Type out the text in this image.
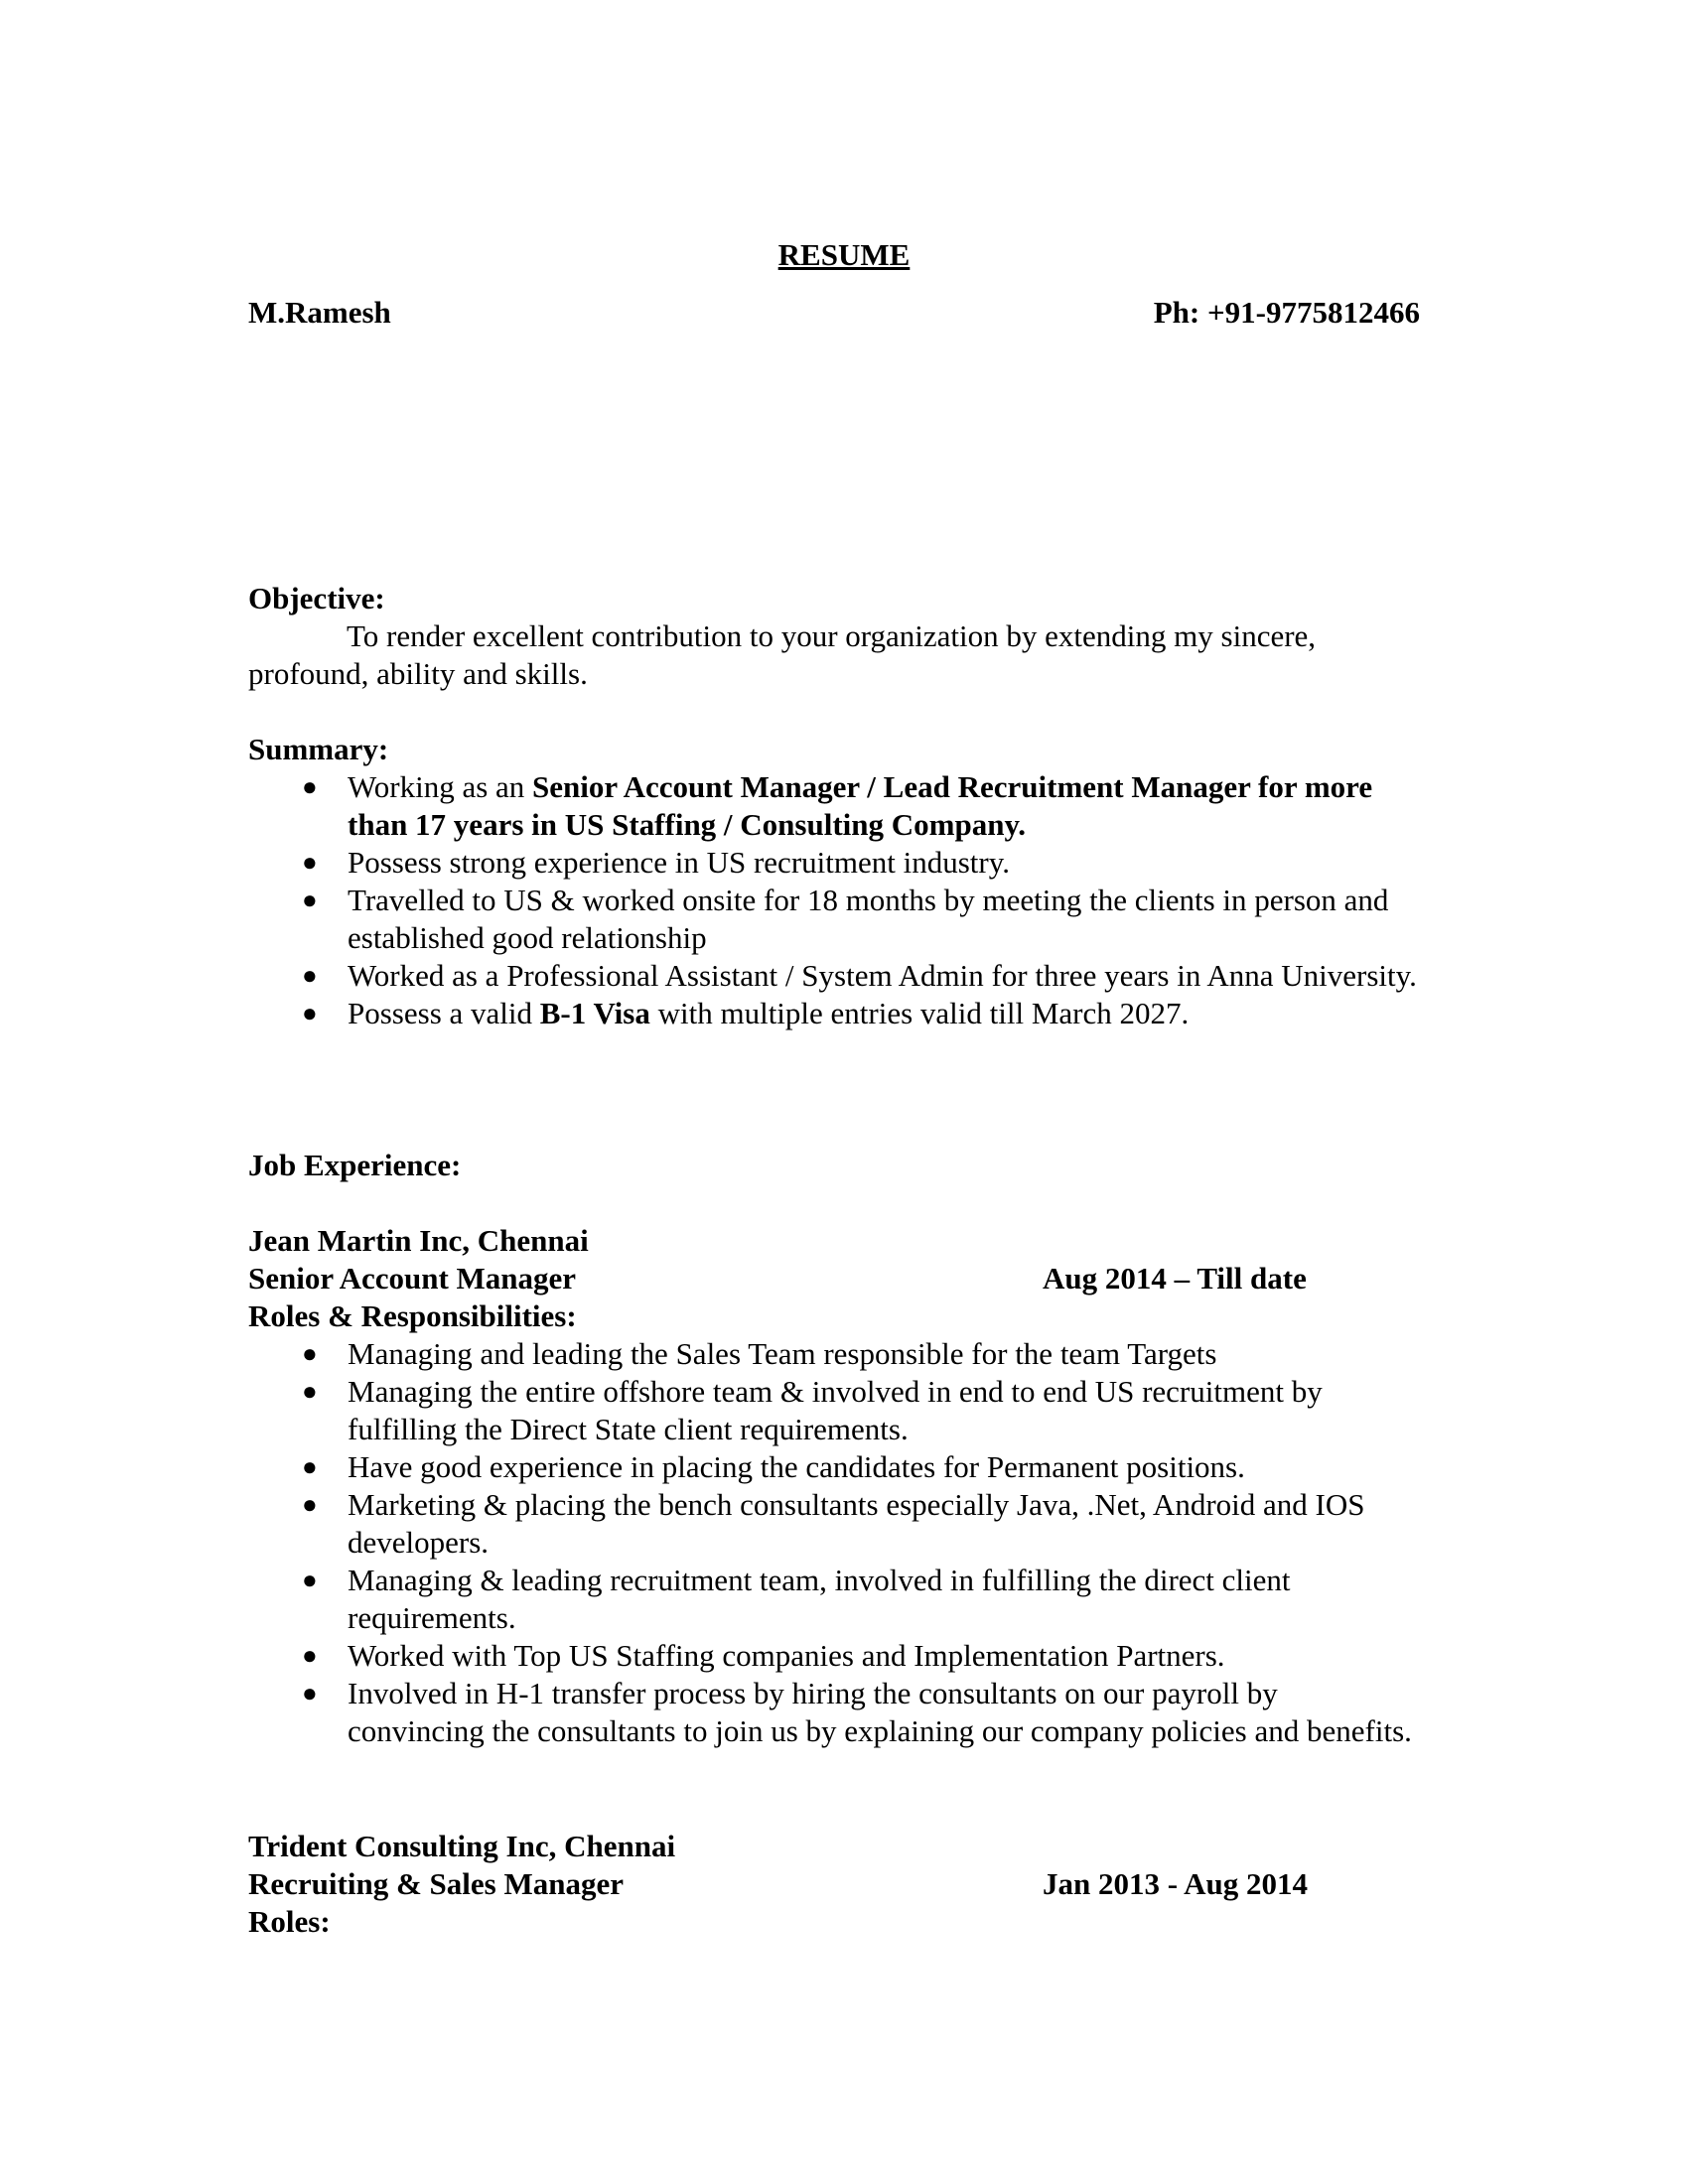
RESUME
M.Ramesh	Ph: +91-9775812466

Objective:

To render excellent contribution to your organization by extending my sincere, profound, ability and skills.

Summary:

● Working as an Senior Account Manager / Lead Recruitment Manager for more than 17 years in US Staffing / Consulting Company.
● Possess strong experience in US recruitment industry.
● Travelled to US & worked onsite for 18 months by meeting the clients in person and established good relationship
● Worked as a Professional Assistant / System Admin for three years in Anna University.
● Possess a valid B-1 Visa with multiple entries valid till March 2027.

Job Experience:

Jean Martin Inc, Chennai

Senior Account Manager	Aug 2014 – Till date

Roles & Responsibilities:

● Managing and leading the Sales Team responsible for the team Targets
● Managing the entire offshore team & involved in end to end US recruitment by fulfilling the Direct State client requirements.
● Have good experience in placing the candidates for Permanent positions.
● Marketing & placing the bench consultants especially Java, .Net, Android and IOS developers.
● Managing & leading recruitment team, involved in fulfilling the direct client requirements.
● Worked with Top US Staffing companies and Implementation Partners.
● Involved in H-1 transfer process by hiring the consultants on our payroll by convincing the consultants to join us by explaining our company policies and benefits.

Trident Consulting Inc, Chennai

Recruiting & Sales Manager	Jan 2013 - Aug 2014

Roles:
